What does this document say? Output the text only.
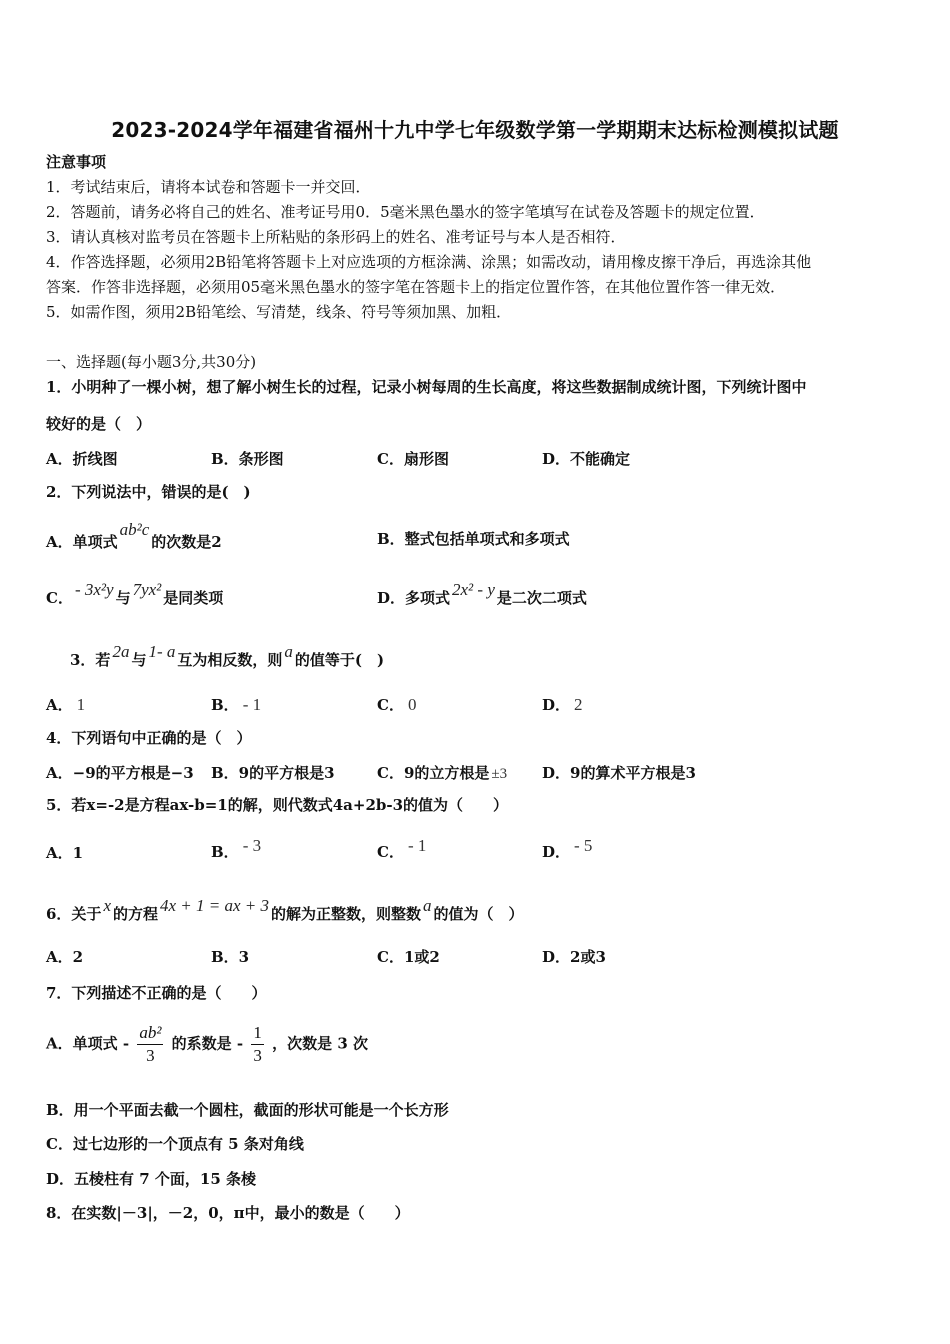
2023-2024学年福建省福州十九中学七年级数学第一学期期末达标检测模拟试题
注意事项
1．考试结束后，请将本试卷和答题卡一并交回．
2．答题前，请务必将自己的姓名、准考证号用0．5毫米黑色墨水的签字笔填写在试卷及答题卡的规定位置．
3．请认真核对监考员在答题卡上所粘贴的条形码上的姓名、准考证号与本人是否相符．
4．作答选择题，必须用2B铅笔将答题卡上对应选项的方框涂满、涂黑；如需改动，请用橡皮擦干净后，再选涂其他
答案．作答非选择题，必须用05毫米黑色墨水的签字笔在答题卡上的指定位置作答，在其他位置作答一律无效．
5．如需作图，须用2B铅笔绘、写清楚，线条、符号等须加黑、加粗．
一、选择题(每小题3分,共30分)
1．小明种了一棵小树，想了解小树生长的过程，记录小树每周的生长高度，将这些数据制成统计图，下列统计图中
较好的是（　）
A．折线图	B．条形图	C．扇形图	D．不能确定
2．下列说法中，错误的是(　)
A．单项式ab²c的次数是2	B．整式包括单项式和多项式
C． - 3x²y 与 7yx² 是同类项	D．多项式 2x² - y 是二次二项式
3．若 2a 与 1- a 互为相反数，则 a 的值等于(　)
A． 1	B． - 1	C． 0	D． 2
4．下列语句中正确的是（　）
A．−9的平方根是−3 B．9的平方根是3	C．9的立方根是 ±3 D．9的算术平方根是3
5．若x=-2是方程ax-b=1的解，则代数式4a+2b-3的值为（　　）
A．1	B． - 3	C． - 1	D． - 5
6．关于 x 的方程 4x + 1 = ax + 3 的解为正整数，则整数 a 的值为（　）
A．2	B．3	C．1或2	D．2或3
7．下列描述不正确的是（　　）
A．单项式 - $\frac{\text{ab²}}{3}$ 的系数是 - $\frac{1}{3}$ ，次数是 3 次
B．用一个平面去截一个圆柱，截面的形状可能是一个长方形
C．过七边形的一个顶点有 5 条对角线
D．五棱柱有 7 个面，15 条棱
8．在实数|－3|，－2，0，π中，最小的数是（　　）
